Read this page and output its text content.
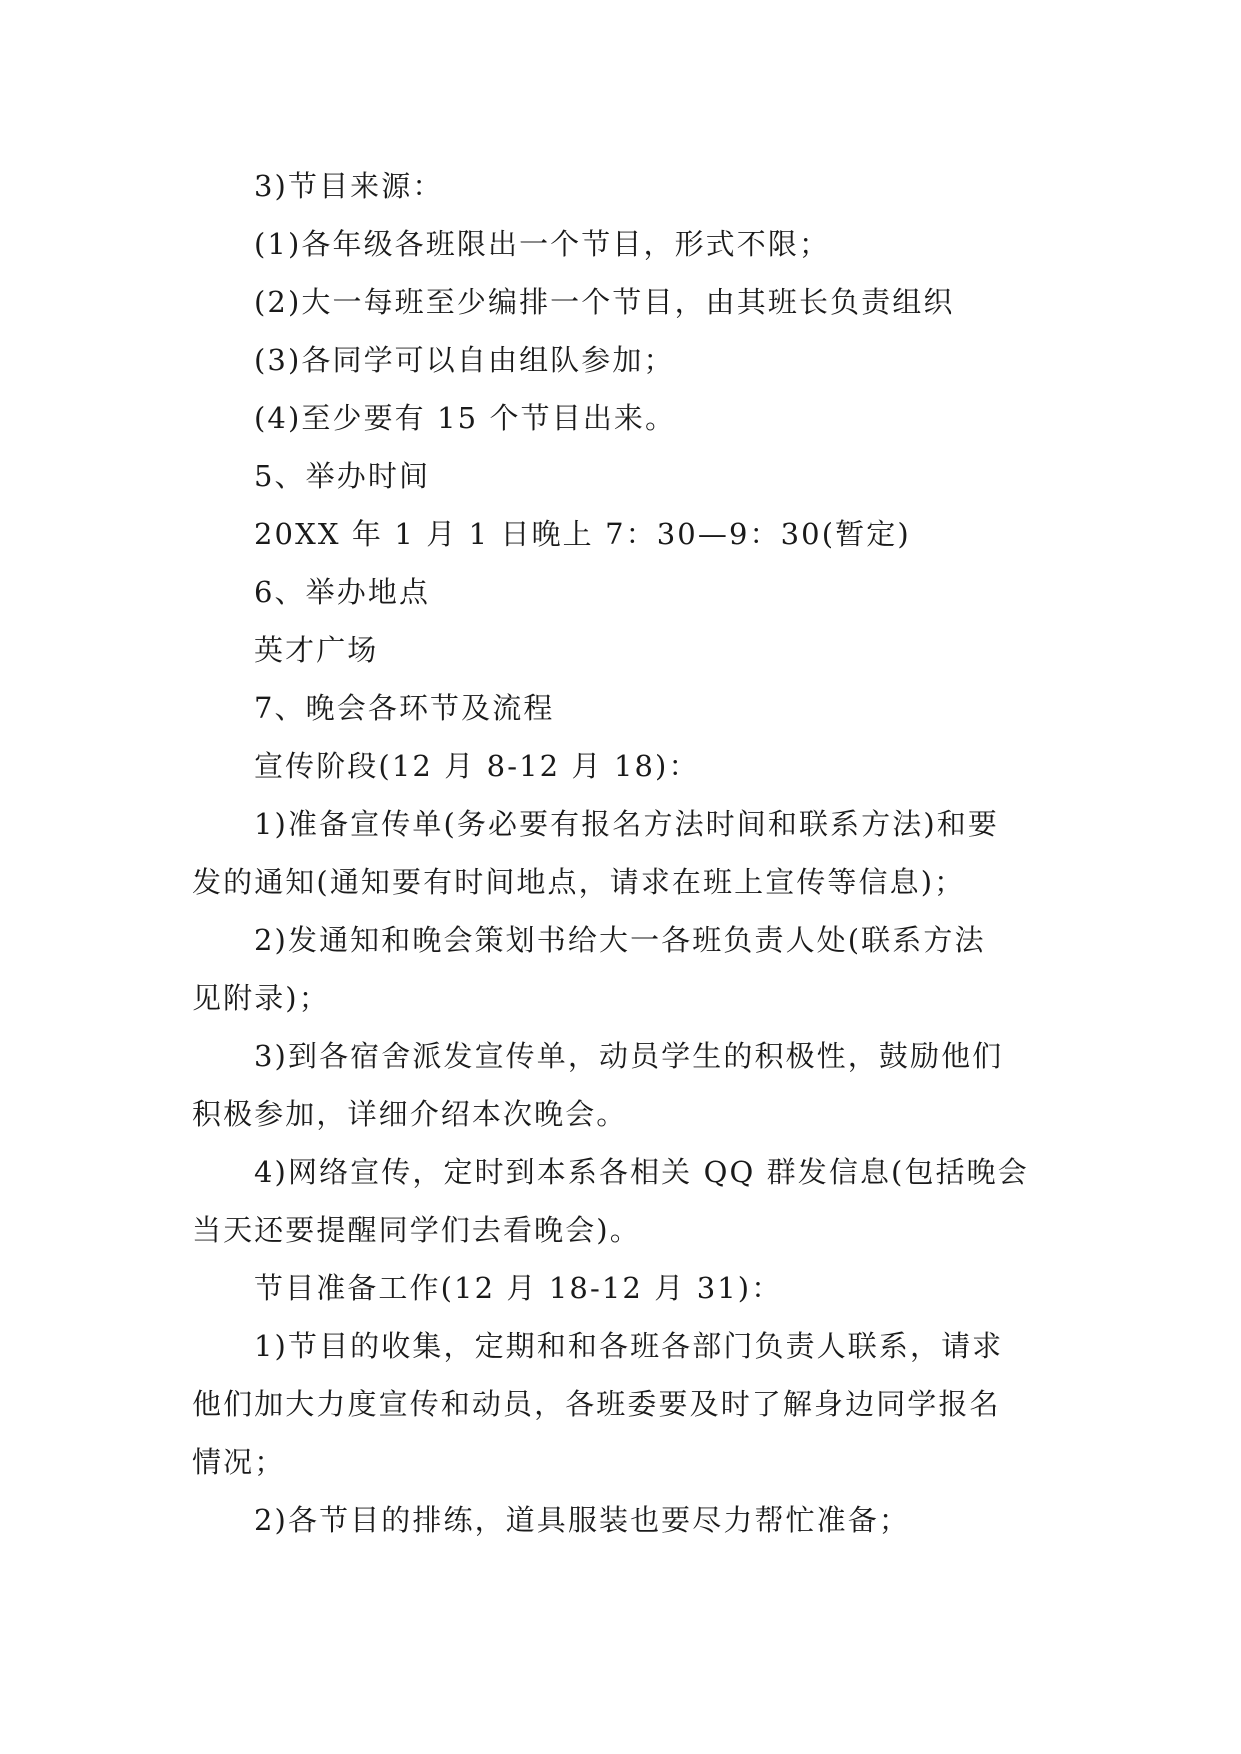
3)节目来源：
(1)各年级各班限出一个节目，形式不限；
(2)大一每班至少编排一个节目，由其班长负责组织
(3)各同学可以自由组队参加；
(4)至少要有 15 个节目出来。
5、举办时间
20XX 年 1 月 1 日晚上 7：30—9：30(暂定)
6、举办地点
英才广场
7、晚会各环节及流程
宣传阶段(12 月 8-12 月 18)：
1)准备宣传单(务必要有报名方法时间和联系方法)和要
发的通知(通知要有时间地点，请求在班上宣传等信息)；
2)发通知和晚会策划书给大一各班负责人处(联系方法
见附录)；
3)到各宿舍派发宣传单，动员学生的积极性，鼓励他们
积极参加，详细介绍本次晚会。
4)网络宣传，定时到本系各相关 QQ 群发信息(包括晚会
当天还要提醒同学们去看晚会)。
节目准备工作(12 月 18-12 月 31)：
1)节目的收集，定期和和各班各部门负责人联系，请求
他们加大力度宣传和动员，各班委要及时了解身边同学报名
情况；
2)各节目的排练，道具服装也要尽力帮忙准备；
